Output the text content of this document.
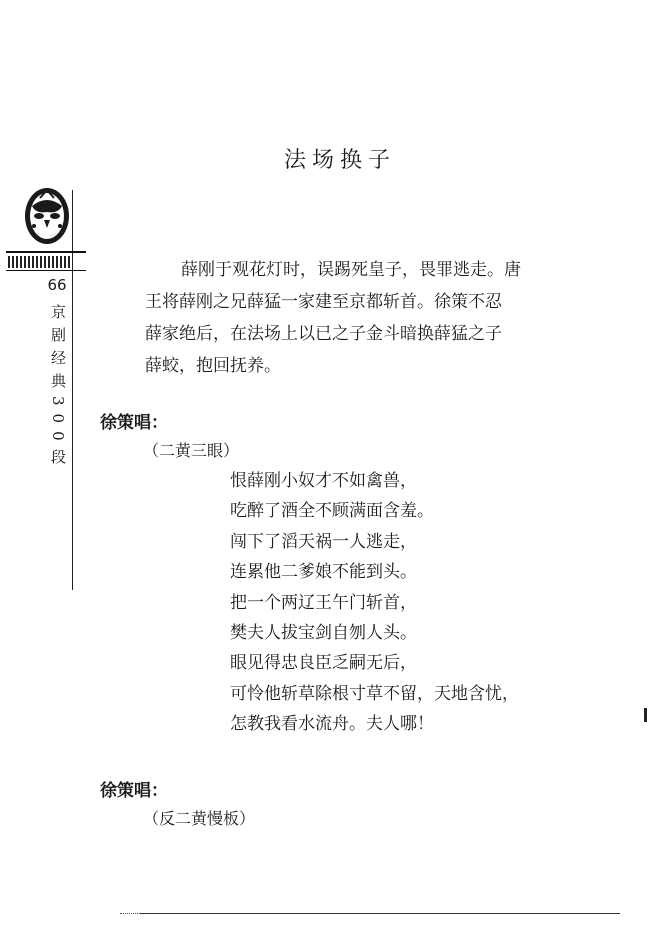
66
京剧经典300段
法场换子

薛刚于观花灯时，误踢死皇子，畏罪逃走。唐
王将薛刚之兄薛猛一家建至京都斩首。徐策不忍
薛家绝后，在法场上以已之子金斗暗换薛猛之子
薛蛟，抱回抚养。

徐策唱：
（二黄三眼）
恨薛刚小奴才不如禽兽，
吃醉了酒全不顾满面含羞。
闯下了滔天祸一人逃走，
连累他二爹娘不能到头。
把一个两辽王午门斩首，
樊夫人拔宝剑自刎人头。
眼见得忠良臣乏嗣无后，
可怜他斩草除根寸草不留，天地含忧，
怎教我看水流舟。夫人哪！
徐策唱：
（反二黄慢板）
